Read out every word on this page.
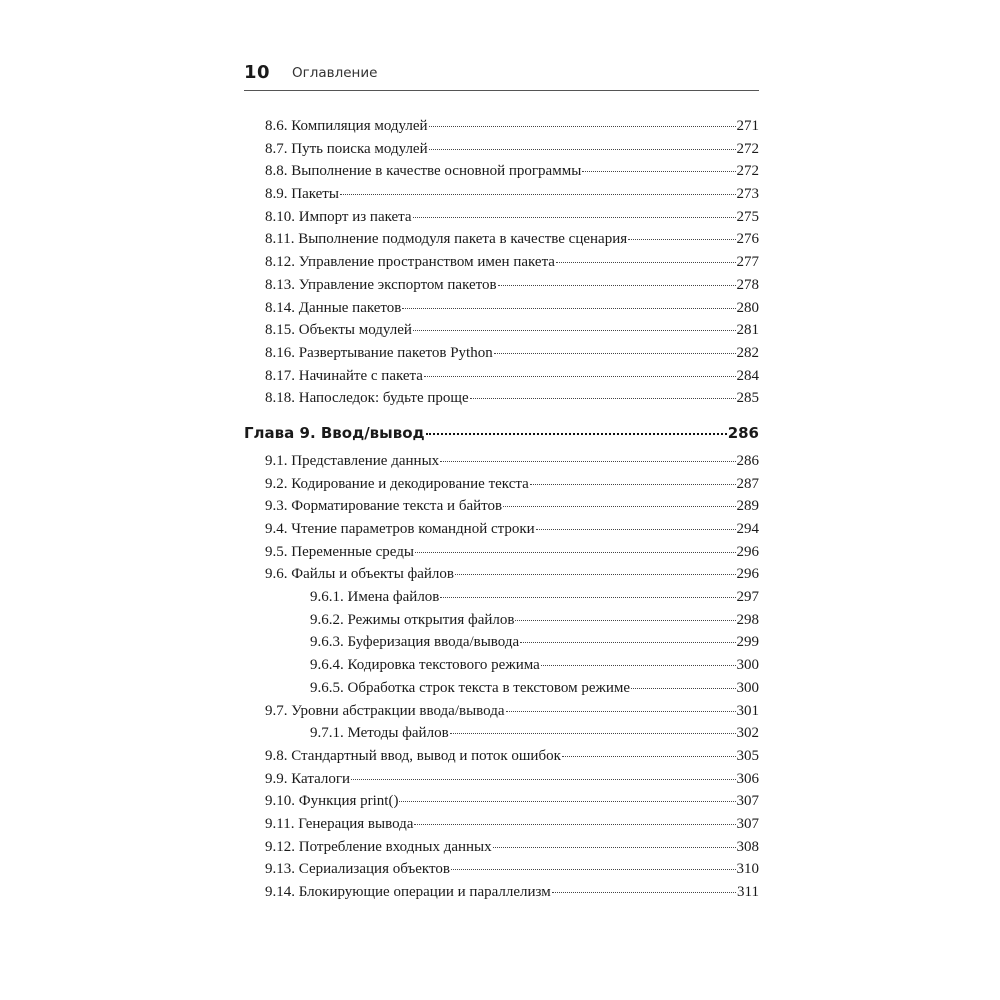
10 Оглавление
8.6. Компиляция модулей	271
8.7. Путь поиска модулей	272
8.8. Выполнение в качестве основной программы	272
8.9. Пакеты	273
8.10. Импорт из пакета	275
8.11. Выполнение подмодуля пакета в качестве сценария	276
8.12. Управление пространством имен пакета	277
8.13. Управление экспортом пакетов	278
8.14. Данные пакетов	280
8.15. Объекты модулей	281
8.16. Развертывание пакетов Python	282
8.17. Начинайте с пакета	284
8.18. Напоследок: будьте проще	285
Глава 9. Ввод/вывод	286
9.1. Представление данных	286
9.2. Кодирование и декодирование текста	287
9.3. Форматирование текста и байтов	289
9.4. Чтение параметров командной строки	294
9.5. Переменные среды	296
9.6. Файлы и объекты файлов	296
9.6.1. Имена файлов	297
9.6.2. Режимы открытия файлов	298
9.6.3. Буферизация ввода/вывода	299
9.6.4. Кодировка текстового режима	300
9.6.5. Обработка строк текста в текстовом режиме	300
9.7. Уровни абстракции ввода/вывода	301
9.7.1. Методы файлов	302
9.8. Стандартный ввод, вывод и поток ошибок	305
9.9. Каталоги	306
9.10. Функция print()	307
9.11. Генерация вывода	307
9.12. Потребление входных данных	308
9.13. Сериализация объектов	310
9.14. Блокирующие операции и параллелизм	311
